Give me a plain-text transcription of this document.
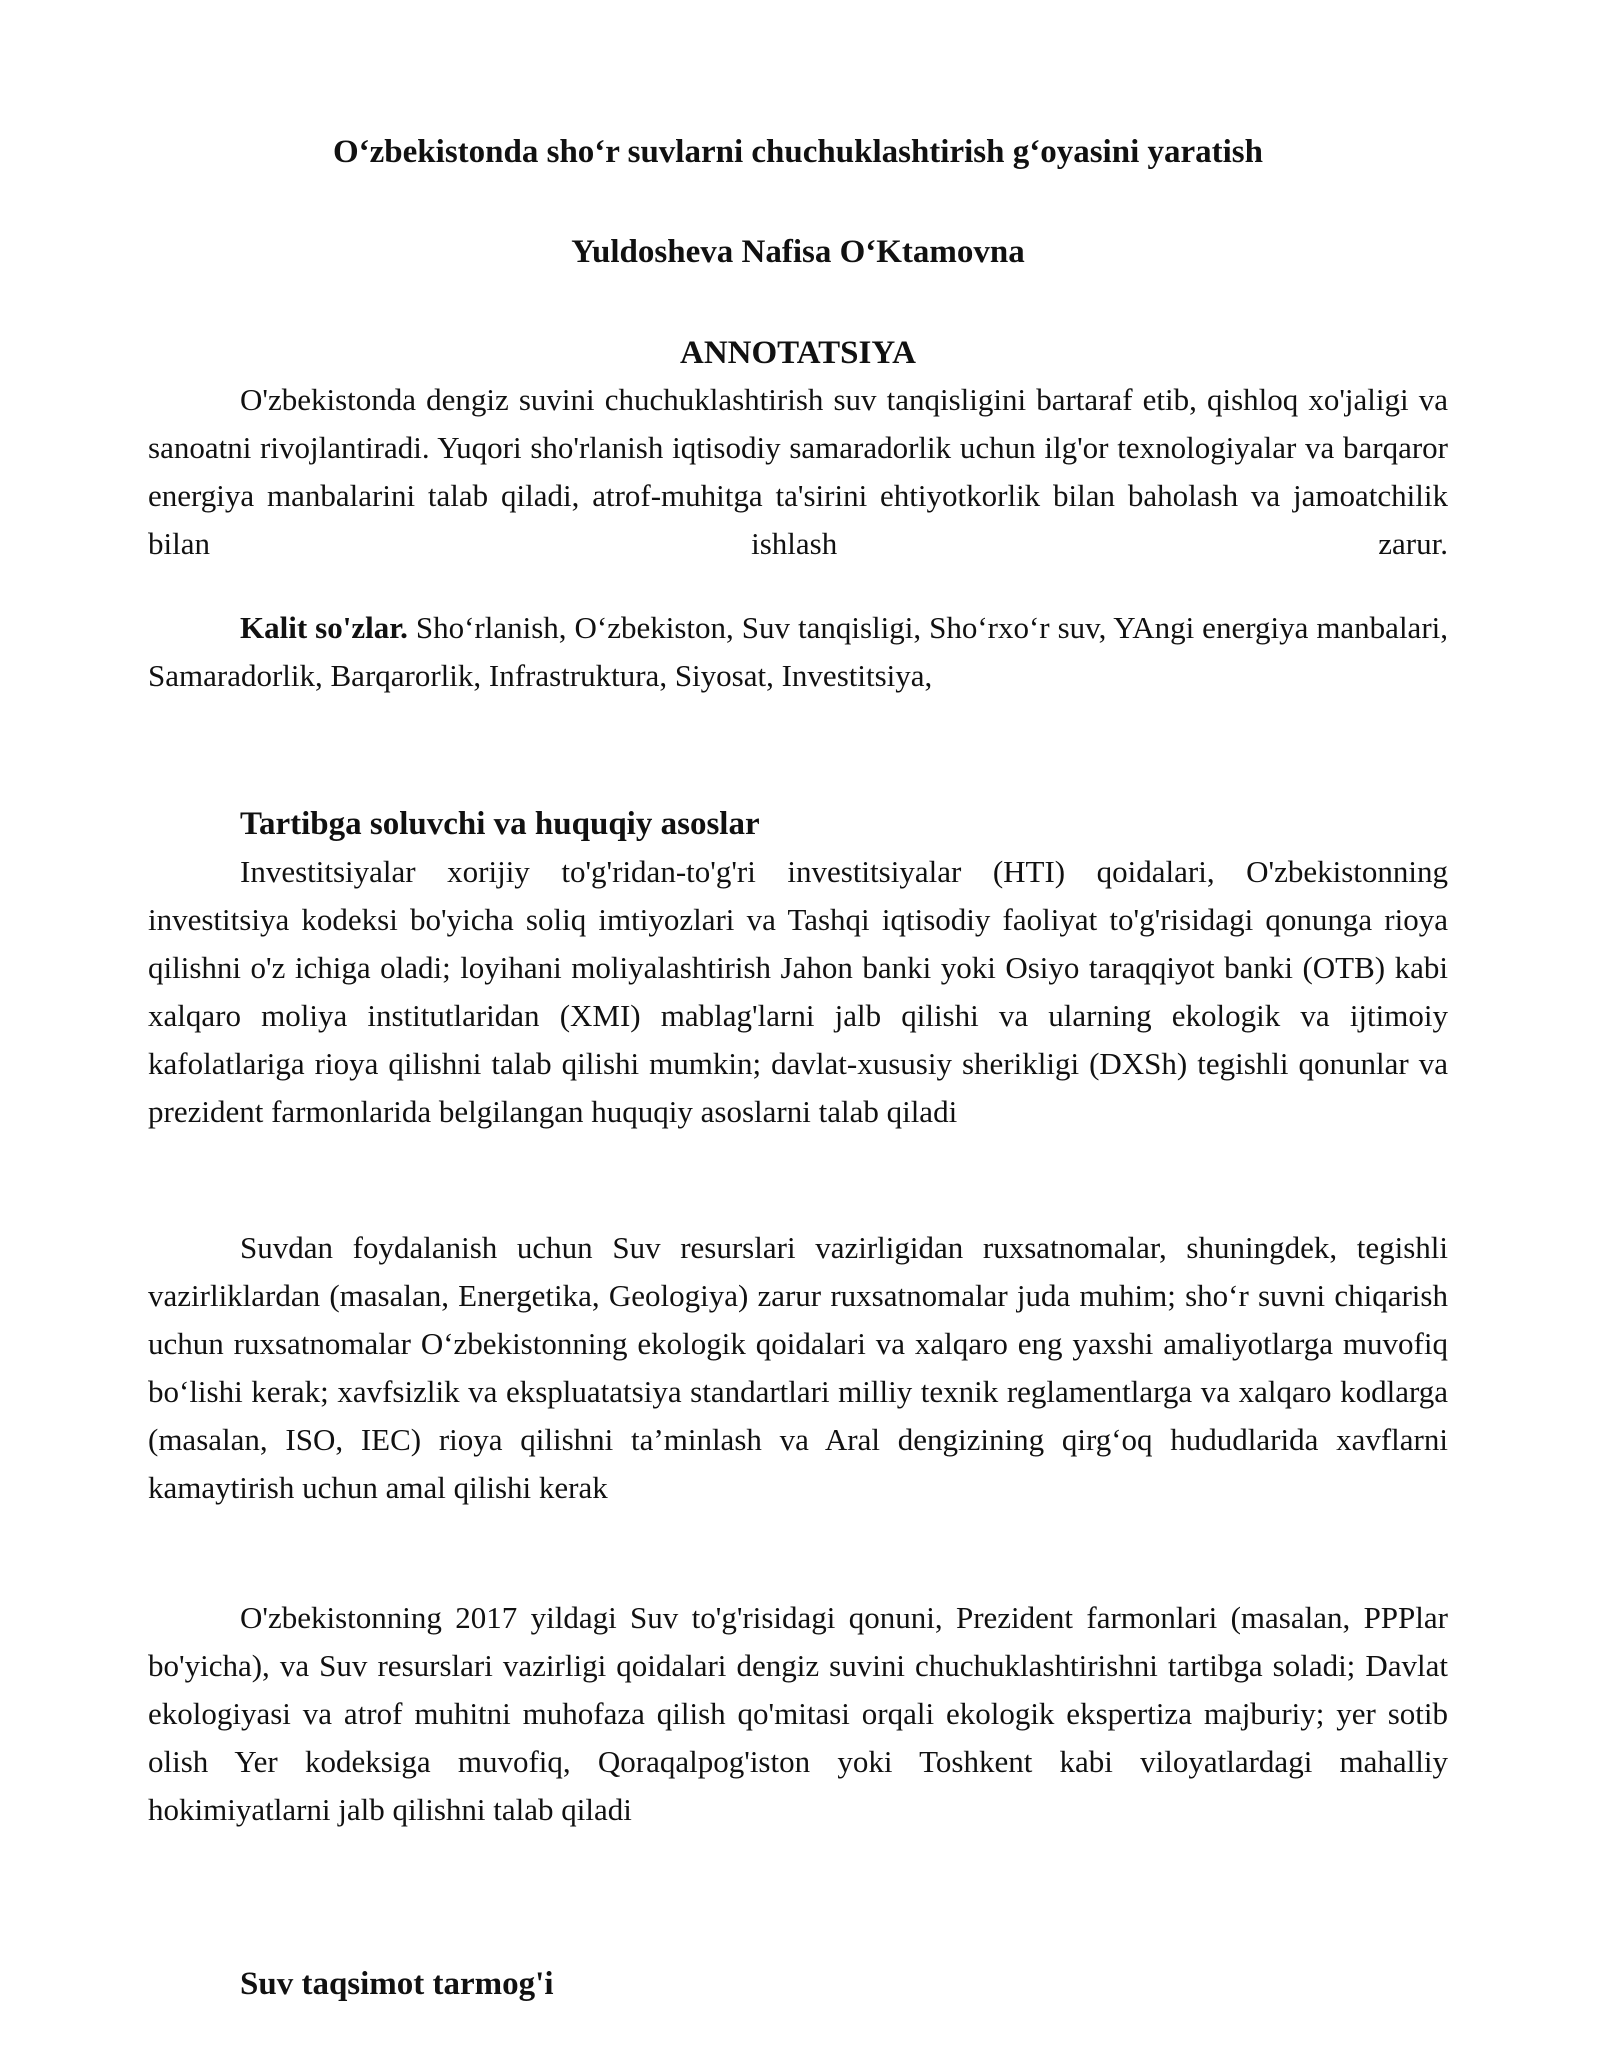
O‘zbekistonda sho‘r suvlarni chuchuklashtirish g‘oyasini yaratish
Yuldosheva Nafisa O‘Ktamovna
ANNOTATSIYA
O'zbekistonda dengiz suvini chuchuklashtirish suv tanqisligini bartaraf etib, qishloq xo'jaligi va sanoatni rivojlantiradi. Yuqori sho'rlanish iqtisodiy samaradorlik uchun ilg'or texnologiyalar va barqaror energiya manbalarini talab qiladi, atrof-muhitga ta'sirini ehtiyotkorlik bilan baholash va jamoatchilik bilan ishlash zarur.
Kalit so'zlar. Sho‘rlanish, O‘zbekiston, Suv tanqisligi, Sho‘rxo‘r suv, YAngi energiya manbalari, Samaradorlik, Barqarorlik, Infrastruktura, Siyosat, Investitsiya,
Tartibga soluvchi va huquqiy asoslar
Investitsiyalar xorijiy to'g'ridan-to'g'ri investitsiyalar (HTI) qoidalari, O'zbekistonning investitsiya kodeksi bo'yicha soliq imtiyozlari va Tashqi iqtisodiy faoliyat to'g'risidagi qonunga rioya qilishni o'z ichiga oladi; loyihani moliyalashtirish Jahon banki yoki Osiyo taraqqiyot banki (OTB) kabi xalqaro moliya institutlaridan (XMI) mablag'larni jalb qilishi va ularning ekologik va ijtimoiy kafolatlariga rioya qilishni talab qilishi mumkin; davlat-xususiy sherikligi (DXSh) tegishli qonunlar va prezident farmonlarida belgilangan huquqiy asoslarni talab qiladi
Suvdan foydalanish uchun Suv resurslari vazirligidan ruxsatnomalar, shuningdek, tegishli vazirliklardan (masalan, Energetika, Geologiya) zarur ruxsatnomalar juda muhim; sho‘r suvni chiqarish uchun ruxsatnomalar O‘zbekistonning ekologik qoidalari va xalqaro eng yaxshi amaliyotlarga muvofiq bo‘lishi kerak; xavfsizlik va ekspluatatsiya standartlari milliy texnik reglamentlarga va xalqaro kodlarga (masalan, ISO, IEC) rioya qilishni ta’minlash va Aral dengizining qirg‘oq hududlarida xavflarni kamaytirish uchun amal qilishi kerak
O'zbekistonning 2017 yildagi Suv to'g'risidagi qonuni, Prezident farmonlari (masalan, PPPlar bo'yicha), va Suv resurslari vazirligi qoidalari dengiz suvini chuchuklashtirishni tartibga soladi; Davlat ekologiyasi va atrof muhitni muhofaza qilish qo'mitasi orqali ekologik ekspertiza majburiy; yer sotib olish Yer kodeksiga muvofiq, Qoraqalpog'iston yoki Toshkent kabi viloyatlardagi mahalliy hokimiyatlarni jalb qilishni talab qiladi
Suv taqsimot tarmog'i
